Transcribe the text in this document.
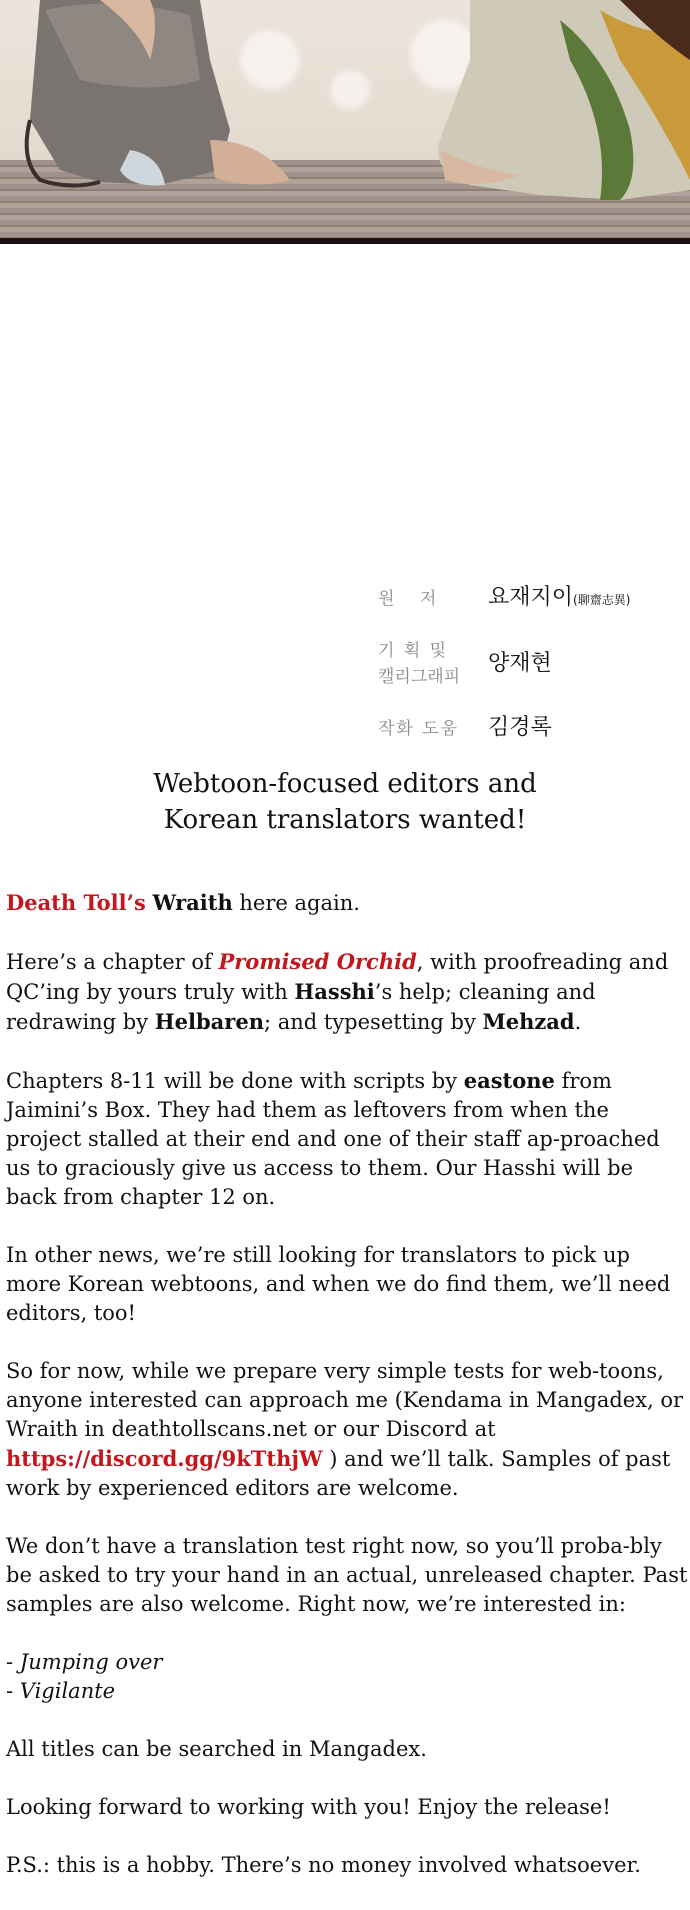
원 저 요재지이(聊齋志異)
기 획 및
캘리그래피
양재현
작화 도움 김경록
Webtoon-focused editors and
Korean translators wanted!

Death Toll’s Wraith here again.

Here’s a chapter of Promised Orchid, with proofreading and QC’ing by yours truly with Hasshi’s help; cleaning and redrawing by Helbaren; and typesetting by Mehzad.

Chapters 8-11 will be done with scripts by eastone from Jaimini’s Box. They had them as leftovers from when the project stalled at their end and one of their staff ap-proached us to graciously give us access to them. Our Hasshi will be back from chapter 12 on.

In other news, we’re still looking for translators to pick up more Korean webtoons, and when we do find them, we’ll need editors, too!

So for now, while we prepare very simple tests for web-toons, anyone interested can approach me (Kendama in Mangadex, or Wraith in deathtollscans.net or our Discord at https://discord.gg/9kTthjW ) and we’ll talk. Samples of past work by experienced editors are welcome.

We don’t have a translation test right now, so you’ll proba-bly be asked to try your hand in an actual, unreleased chapter. Past samples are also welcome. Right now, we’re interested in:

- Jumping over

- Vigilante

All titles can be searched in Mangadex.

Looking forward to working with you! Enjoy the release!

P.S.: this is a hobby. There’s no money involved whatsoever.
